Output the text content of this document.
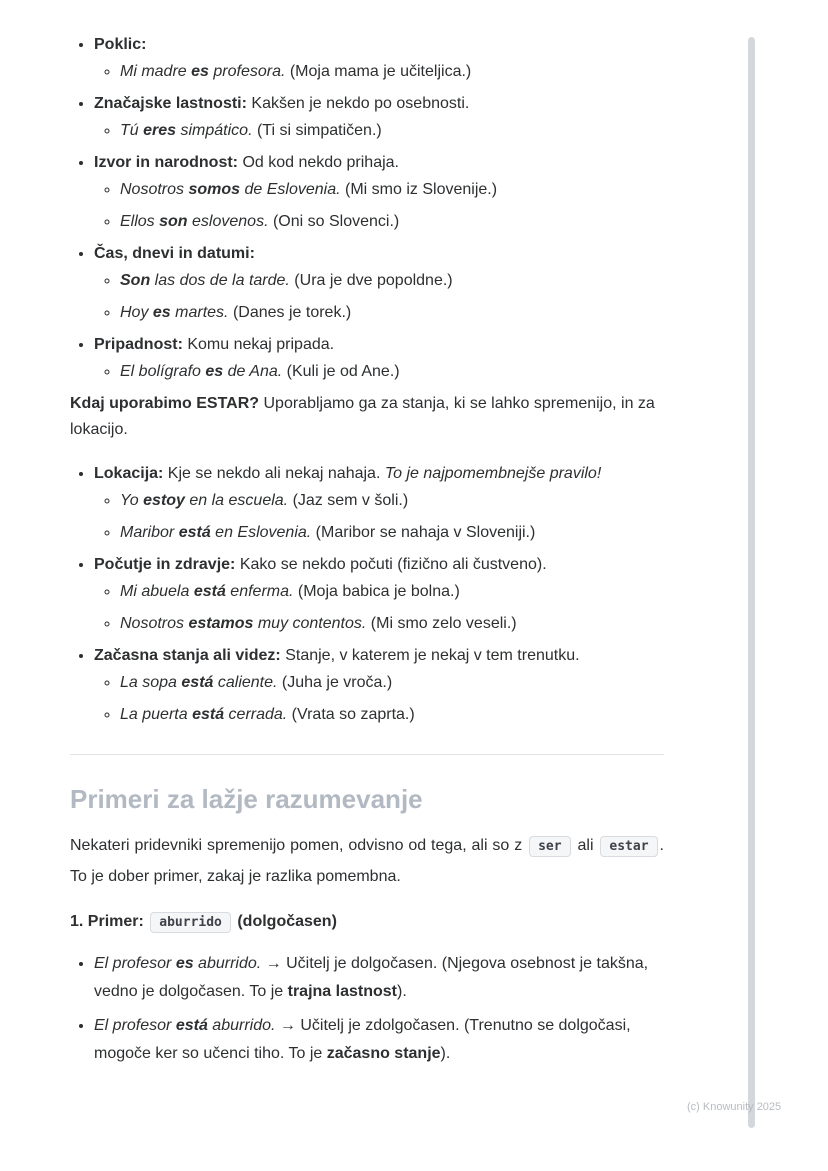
• Poklic:
◦ Mi madre es profesora. (Moja mama je učiteljica.)
• Značajske lastnosti: Kakšen je nekdo po osebnosti.
◦ Tú eres simpático. (Ti si simpatičen.)
• Izvor in narodnost: Od kod nekdo prihaja.
◦ Nosotros somos de Eslovenia. (Mi smo iz Slovenije.)
◦ Ellos son eslovenos. (Oni so Slovenci.)
• Čas, dnevi in datumi:
◦ Son las dos de la tarde. (Ura je dve popoldne.)
◦ Hoy es martes. (Danes je torek.)
• Pripadnost: Komu nekaj pripada.
◦ El bolígrafo es de Ana. (Kuli je od Ane.)

Kdaj uporabimo ESTAR? Uporabljamo ga za stanja, ki se lahko spremenijo, in za lokacijo.

• Lokacija: Kje se nekdo ali nekaj nahaja. To je najpomembnejše pravilo!
◦ Yo estoy en la escuela. (Jaz sem v šoli.)
◦ Maribor está en Eslovenia. (Maribor se nahaja v Sloveniji.)
• Počutje in zdravje: Kako se nekdo počuti (fizično ali čustveno).
◦ Mi abuela está enferma. (Moja babica je bolna.)
◦ Nosotros estamos muy contentos. (Mi smo zelo veseli.)
• Začasna stanja ali videz: Stanje, v katerem je nekaj v tem trenutku.
◦ La sopa está caliente. (Juha je vroča.)
◦ La puerta está cerrada. (Vrata so zaprta.)
Primeri za lažje razumevanje

Nekateri pridevniki spremenijo pomen, odvisno od tega, ali so z ser ali estar . To je dober primer, zakaj je razlika pomembna.

1. Primer: aburrido (dolgočasen)

• El profesor es aburrido. → Učitelj je dolgočasen. (Njegova osebnost je takšna, vedno je dolgočasen. To je trajna lastnost).
• El profesor está aburrido. → Učitelj je zdolgočasen. (Trenutno se dolgočasi, mogoče ker so učenci tiho. To je začasno stanje).
(c) Knowunity 2025
